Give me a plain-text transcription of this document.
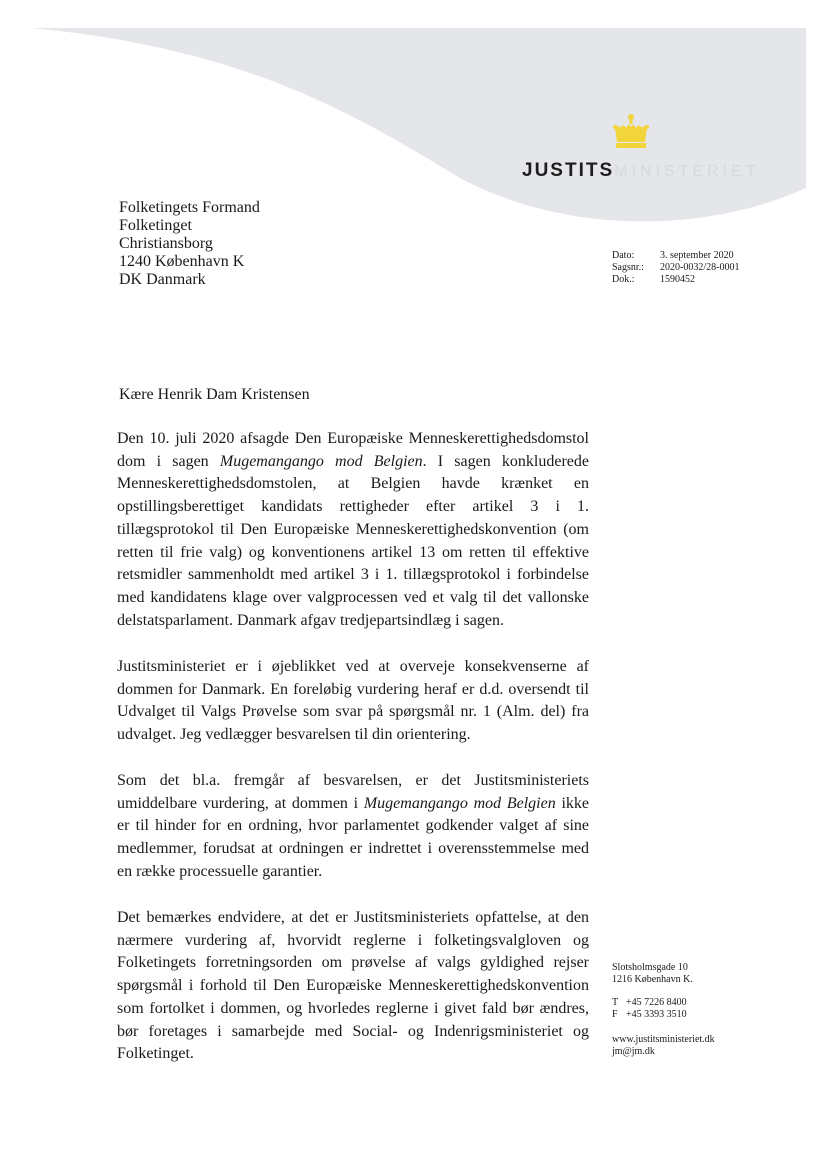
JUSTITSMINISTERIET
Folketingets Formand
Folketinget
Christiansborg
1240 København K
DK Danmark
Dato:	3. september 2020
Sagsnr.:	2020-0032/28-0001
Dok.:	1590452
Kære Henrik Dam Kristensen
Den 10. juli 2020 afsagde Den Europæiske Menneskerettighedsdomstol dom i sagen Mugemangango mod Belgien. I sagen konkluderede Menneskerettighedsdomstolen, at Belgien havde krænket en opstillingsberettiget kandidats rettigheder efter artikel 3 i 1. tillægsprotokol til Den Europæiske Menneskerettighedskonvention (om retten til frie valg) og konventionens artikel 13 om retten til effektive retsmidler sammenholdt med artikel 3 i 1. tillægsprotokol i forbindelse med kandidatens klage over valgprocessen ved et valg til det vallonske delstatsparlament. Danmark afgav tredjepartsindlæg i sagen.
Justitsministeriet er i øjeblikket ved at overveje konsekvenserne af dommen for Danmark. En foreløbig vurdering heraf er d.d. oversendt til Udvalget til Valgs Prøvelse som svar på spørgsmål nr. 1 (Alm. del) fra udvalget. Jeg vedlægger besvarelsen til din orientering.
Som det bl.a. fremgår af besvarelsen, er det Justitsministeriets umiddelbare vurdering, at dommen i Mugemangango mod Belgien ikke er til hinder for en ordning, hvor parlamentet godkender valget af sine medlemmer, forudsat at ordningen er indrettet i overensstemmelse med en række processuelle garantier.
Det bemærkes endvidere, at det er Justitsministeriets opfattelse, at den nærmere vurdering af, hvorvidt reglerne i folketingsvalgloven og Folketingets forretningsorden om prøvelse af valgs gyldighed rejser spørgsmål i forhold til Den Europæiske Menneskerettighedskonvention som fortolket i dommen, og hvorledes reglerne i givet fald bør ændres, bør foretages i samarbejde med Social- og Indenrigsministeriet og Folketinget.
Slotsholmsgade 10
1216 København K.
T +45 7226 8400
F +45 3393 3510
www.justitsministeriet.dk
jm@jm.dk
